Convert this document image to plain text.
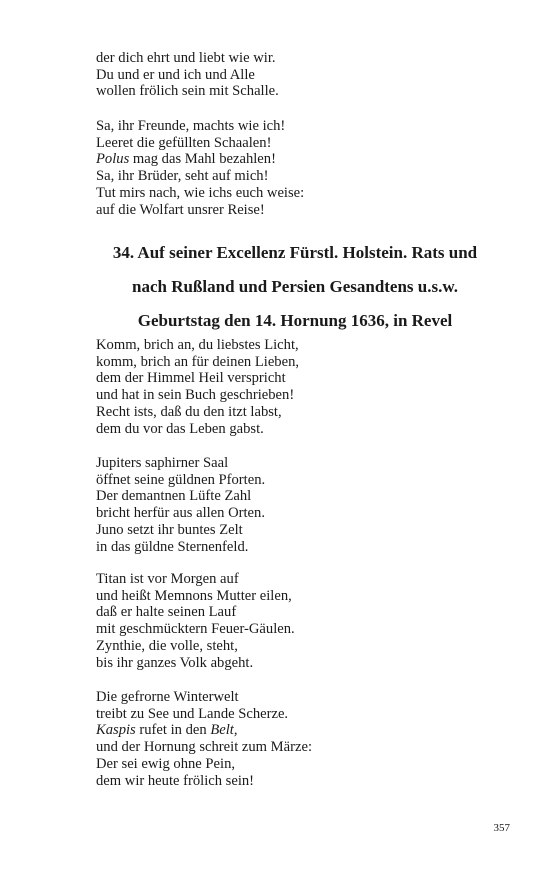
der dich ehrt und liebt wie wir.
Du und er und ich und Alle
wollen frölich sein mit Schalle.
Sa, ihr Freunde, machts wie ich!
Leeret die gefüllten Schaalen!
Polus mag das Mahl bezahlen!
Sa, ihr Brüder, seht auf mich!
Tut mirs nach, wie ichs euch weise:
auf die Wolfart unsrer Reise!
34. Auf seiner Excellenz Fürstl. Holstein. Rats und
nach Rußland und Persien Gesandtens u.s.w.
Geburtstag den 14. Hornung 1636, in Revel
Komm, brich an, du liebstes Licht,
komm, brich an für deinen Lieben,
dem der Himmel Heil verspricht
und hat in sein Buch geschrieben!
Recht ists, daß du den itzt labst,
dem du vor das Leben gabst.
Jupiters saphirner Saal
öffnet seine güldnen Pforten.
Der demantnen Lüfte Zahl
bricht herfür aus allen Orten.
Juno setzt ihr buntes Zelt
in das güldne Sternenfeld.
Titan ist vor Morgen auf
und heißt Memnons Mutter eilen,
daß er halte seinen Lauf
mit geschmücktern Feuer-Gäulen.
Zynthie, die volle, steht,
bis ihr ganzes Volk abgeht.
Die gefrorne Winterwelt
treibt zu See und Lande Scherze.
Kaspis rufet in den Belt,
und der Hornung schreit zum Märze:
Der sei ewig ohne Pein,
dem wir heute frölich sein!
357
